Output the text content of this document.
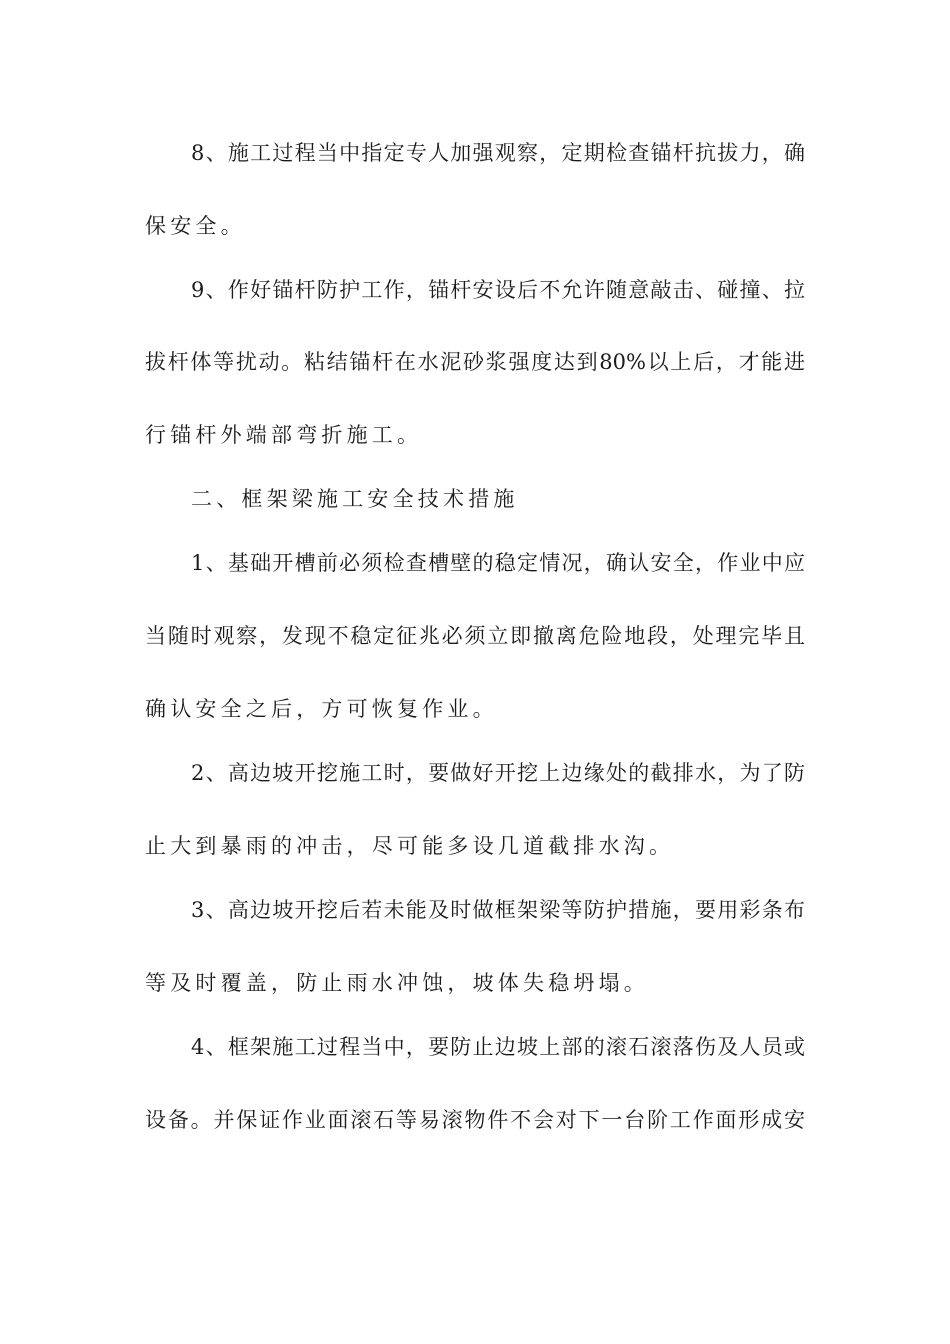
8、施工过程当中指定专人加强观察，定期检查锚杆抗拔力，确
保安全。
9、作好锚杆防护工作，锚杆安设后不允许随意敲击、碰撞、拉
拔杆体等扰动。粘结锚杆在水泥砂浆强度达到80%以上后，才能进
行锚杆外端部弯折施工。
二、框架梁施工安全技术措施
1、基础开槽前必须检查槽壁的稳定情况，确认安全，作业中应
当随时观察，发现不稳定征兆必须立即撤离危险地段，处理完毕且
确认安全之后，方可恢复作业。
2、高边坡开挖施工时，要做好开挖上边缘处的截排水，为了防
止大到暴雨的冲击，尽可能多设几道截排水沟。
3、高边坡开挖后若未能及时做框架梁等防护措施，要用彩条布
等及时覆盖，防止雨水冲蚀，坡体失稳坍塌。
4、框架施工过程当中，要防止边坡上部的滚石滚落伤及人员或
设备。并保证作业面滚石等易滚物件不会对下一台阶工作面形成安
